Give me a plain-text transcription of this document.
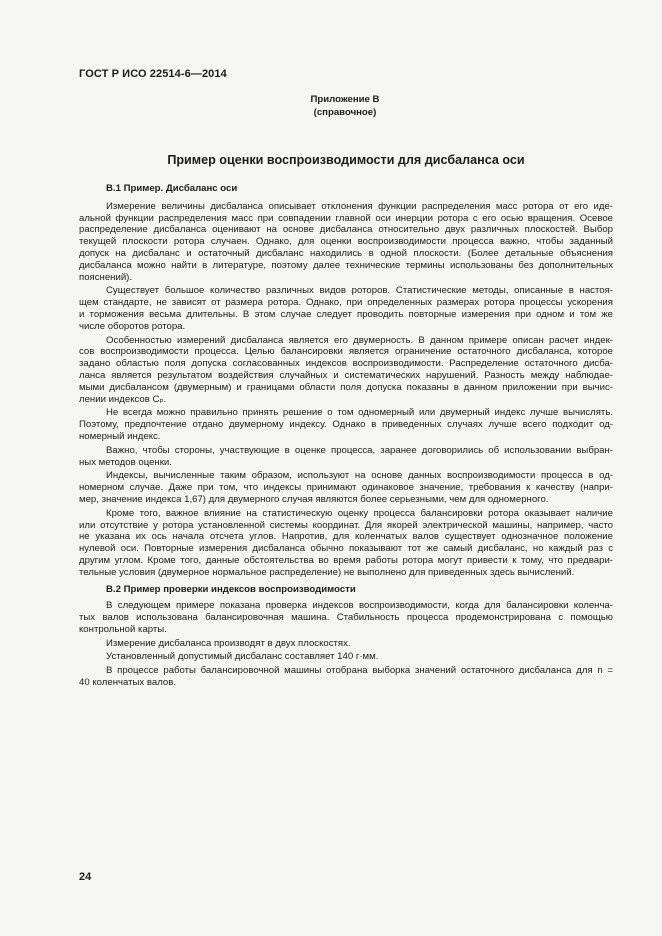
ГОСТ Р ИСО 22514-6—2014
Приложение В
(справочное)
Пример оценки воспроизводимости для дисбаланса оси
В.1 Пример. Дисбаланс оси
Измерение величины дисбаланса описывает отклонения функции распределения масс ротора от его иде-
альной функции распределения масс при совпадении главной оси инерции ротора с его осью вращения. Осевое
распределение дисбаланса оценивают на основе дисбаланса относительно двух различных плоскостей. Выбор
текущей плоскости ротора случаен. Однако, для оценки воспроизводимости процесса важно, чтобы заданный
допуск на дисбаланс и остаточный дисбаланс находились в одной плоскости. (Более детальные объяснения
дисбаланса можно найти в литературе, поэтому далее технические термины использованы без дополнительных
пояснений).
Существует большое количество различных видов роторов. Статистические методы, описанные в настоя-
щем стандарте, не зависят от размера ротора. Однако, при определенных размерах ротора процессы ускорения
и торможения весьма длительны. В этом случае следует проводить повторные измерения при одном и том же
числе оборотов ротора.
Особенностью измерений дисбаланса является его двумерность. В данном примере описан расчет индек-
сов воспроизводимости процесса. Целью балансировки является ограничение остаточного дисбаланса, которое
задано областью поля допуска согласованных индексов воспроизводимости. Распределение остаточного дисба-
ланса является результатом воздействия случайных и систематических нарушений. Разность между наблюдае-
мыми дисбалансом (двумерным) и границами области поля допуска показаны в данном приложении при вычис-
лении индексов Cₚ.
Не всегда можно правильно принять решение о том одномерный или двумерный индекс лучше вычислять.
Поэтому, предпочтение отдано двумерному индексу. Однако в приведенных случаях лучше всего подходит од-
номерный индекс.
Важно, чтобы стороны, участвующие в оценке процесса, заранее договорились об использовании выбран-
ных методов оценки.
Индексы, вычисленные таким образом, используют на основе данных воспроизводимости процесса в од-
номерном случае. Даже при том, что индексы принимают одинаковое значение, требования к качеству (напри-
мер, значение индекса 1,67) для двумерного случая являются более серьезными, чем для одномерного.
Кроме того, важное влияние на статистическую оценку процесса балансировки ротора оказывает наличие
или отсутствие у ротора установленной системы координат. Для якорей электрической машины, например, часто
не указана их ось начала отсчета углов. Напротив, для коленчатых валов существует однозначное положение
нулевой оси. Повторные измерения дисбаланса обычно показывают тот же самый дисбаланс, но каждый раз с
другим углом. Кроме того, данные обстоятельства во время работы ротора могут привести к тому, что предвари-
тельные условия (двумерное нормальное распределение) не выполнено для приведенных здесь вычислений.
В.2 Пример проверки индексов воспроизводимости
В следующем примере показана проверка индексов воспроизводимости, когда для балансировки коленча-
тых валов использована балансировочная машина. Стабильность процесса продемонстрирована с помощью
контрольной карты.
Измерение дисбаланса производят в двух плоскостях.
Установленный допустимый дисбаланс составляет 140 г·мм.
В процессе работы балансировочной машины отобрана выборка значений остаточного дисбаланса для n =
40 коленчатых валов.
24
